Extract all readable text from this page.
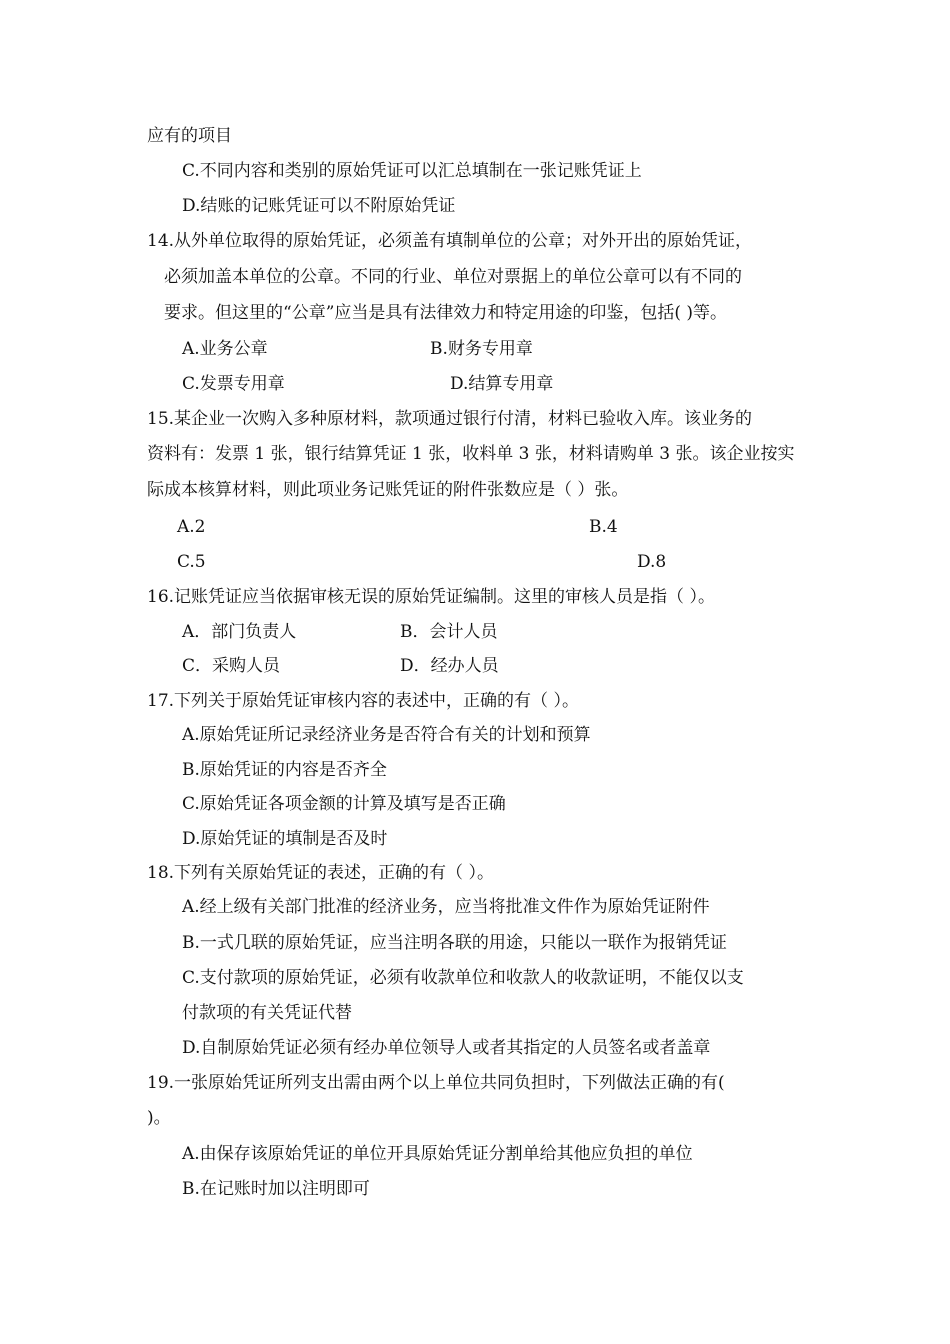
应有的项目
C.不同内容和类别的原始凭证可以汇总填制在一张记账凭证上
D.结账的记账凭证可以不附原始凭证
14.从外单位取得的原始凭证，必须盖有填制单位的公章；对外开出的原始凭证，
必须加盖本单位的公章。不同的行业、单位对票据上的单位公章可以有不同的
要求。但这里的“公章”应当是具有法律效力和特定用途的印鉴，包括( )等。
A.业务公章	B.财务专用章
C.发票专用章	D.结算专用章
15.某企业一次购入多种原材料，款项通过银行付清，材料已验收入库。该业务的
资料有：发票 1 张，银行结算凭证 1 张，收料单 3 张，材料请购单 3 张。该企业按实
际成本核算材料，则此项业务记账凭证的附件张数应是（ ）张。
A.2	B.4
C.5	D.8
16.记账凭证应当依据审核无误的原始凭证编制。这里的审核人员是指（ ）。
A．部门负责人	B．会计人员
C．采购人员	D．经办人员
17.下列关于原始凭证审核内容的表述中，正确的有（ ）。
A.原始凭证所记录经济业务是否符合有关的计划和预算
B.原始凭证的内容是否齐全
C.原始凭证各项金额的计算及填写是否正确
D.原始凭证的填制是否及时
18.下列有关原始凭证的表述，正确的有（ ）。
A.经上级有关部门批准的经济业务，应当将批准文件作为原始凭证附件
B.一式几联的原始凭证，应当注明各联的用途，只能以一联作为报销凭证
C.支付款项的原始凭证，必须有收款单位和收款人的收款证明，不能仅以支
付款项的有关凭证代替
D.自制原始凭证必须有经办单位领导人或者其指定的人员签名或者盖章
19.一张原始凭证所列支出需由两个以上单位共同负担时，下列做法正确的有(
)。
A.由保存该原始凭证的单位开具原始凭证分割单给其他应负担的单位
B.在记账时加以注明即可
